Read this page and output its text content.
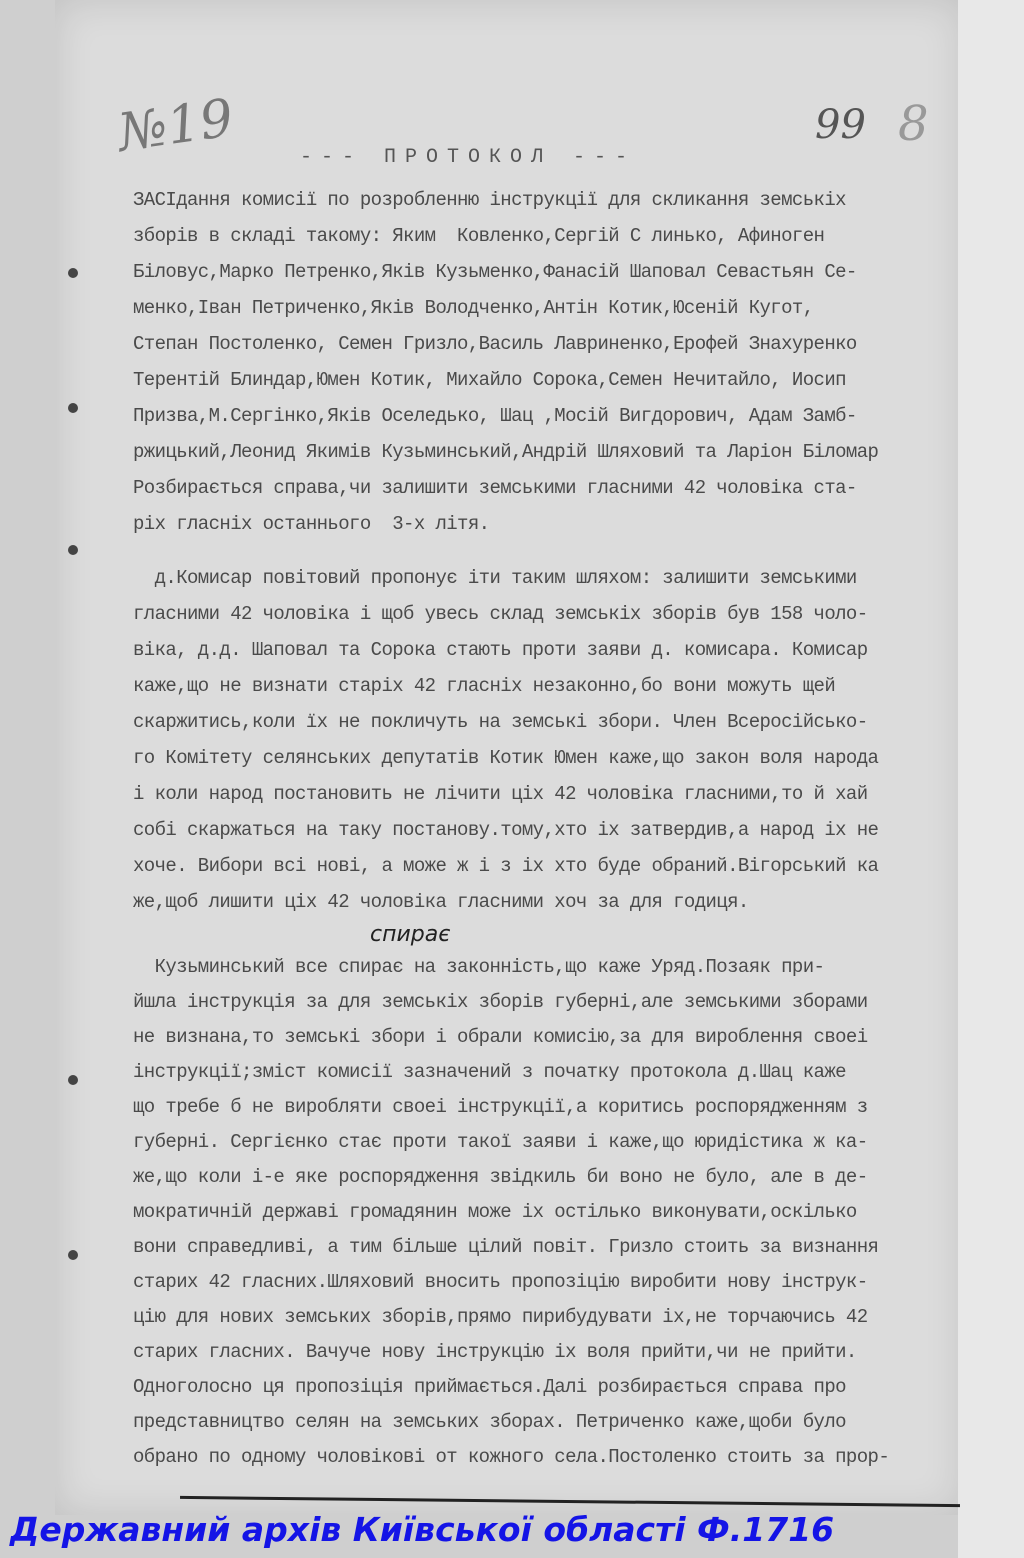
№19	99 8
--- ПРОТОКОЛ ---
ЗАСІдання комисії по розробленню інструкції для скликання земськіх
зборів в складі такому: Яким  Ковленко,Сергій С линько, Афиноген
Біловус,Марко Петренко,Яків Кузьменко,Фанасій Шаповал Севастьян Се-
менко,Іван Петриченко,Яків Володченко,Антін Котик,Юсеній Кугот,
Степан Постоленко, Семен Гризло,Василь Лавриненко,Ерофей Знахуренко
Терентій Блиндар,Юмен Котик, Михайло Сорока,Семен Нечитайло, Иосип
Призва,М.Сергінко,Яків Оселедько, Шац ,Мосій Вигдорович, Адам Замб-
ржицький,Леонид Якимів Кузьминський,Андрій Шляховий та Ларіон Біломар
Розбирається справа,чи залишити земськими гласними 42 чоловіка ста-
ріх гласніх останнього  3-х літя.
д.Комисар повітовий пропонує іти таким шляхом: залишити земськими
гласними 42 чоловіка і щоб увесь склад земськіх зборів був 158 чоло-
віка, д.д. Шаповал та Сорока стають проти заяви д. комисара. Комисар
каже,що не визнати старіх 42 гласніх незаконно,бо вони можуть щей
скаржитись,коли їх не покличуть на земськi збори. Член Всеросійсько-
го Комітету селянських депутатів Котик Юмен каже,що закон воля народа
і коли народ постановить не лічити ціх 42 чоловіка гласними,то й хай
собі скаржаться на таку постанову.тому,хто іх затвердив,а народ іх не
хоче. Вибори всі нові, а може ж і з іх хто буде обраний.Вігорський ка
же,щоб лишити ціх 42 чоловіка гласними хоч за для годиця.
Кузьминський все спирає на законність,що каже Уряд.Позаяк при-
йшла інструкція за для земськіх зборів губерні,але земськими зборами
не визнана,то земські збори і обрали комисію,за для вироблення своеі
інструкції;зміст комисії зазначений з початку протокола д.Шац каже
що требе б не виробляти своеі інструкції,а коритись роспорядженням з
губерні. Сергієнко стає проти такої заяви і каже,що юридістика ж ка-
же,що коли і-е яке роспорядження звідкиль би воно не було, але в де-
мократичній державі громадянин може іх остілько виконувати,оскілько
вони справедливі, а тим більше цілий повіт. Гризло стоить за визнання
старих 42 гласних.Шляховий вносить пропозіцію виробити нову інструк-
цію для нових земських зборів,прямо пирибудувати іх,не торчаючись 42
старих гласних. Вачуче нову інструкцію іх воля прийти,чи не прийти.
Одноголосно ця пропозіція приймається.Далі розбирається справа про
представництво селян на земських зборах. Петриченко каже,щоби було
обрано по одному чоловікові от кожного села.Постоленко стоить за прор-
спирає
Державний архів Київської області Ф.1716
